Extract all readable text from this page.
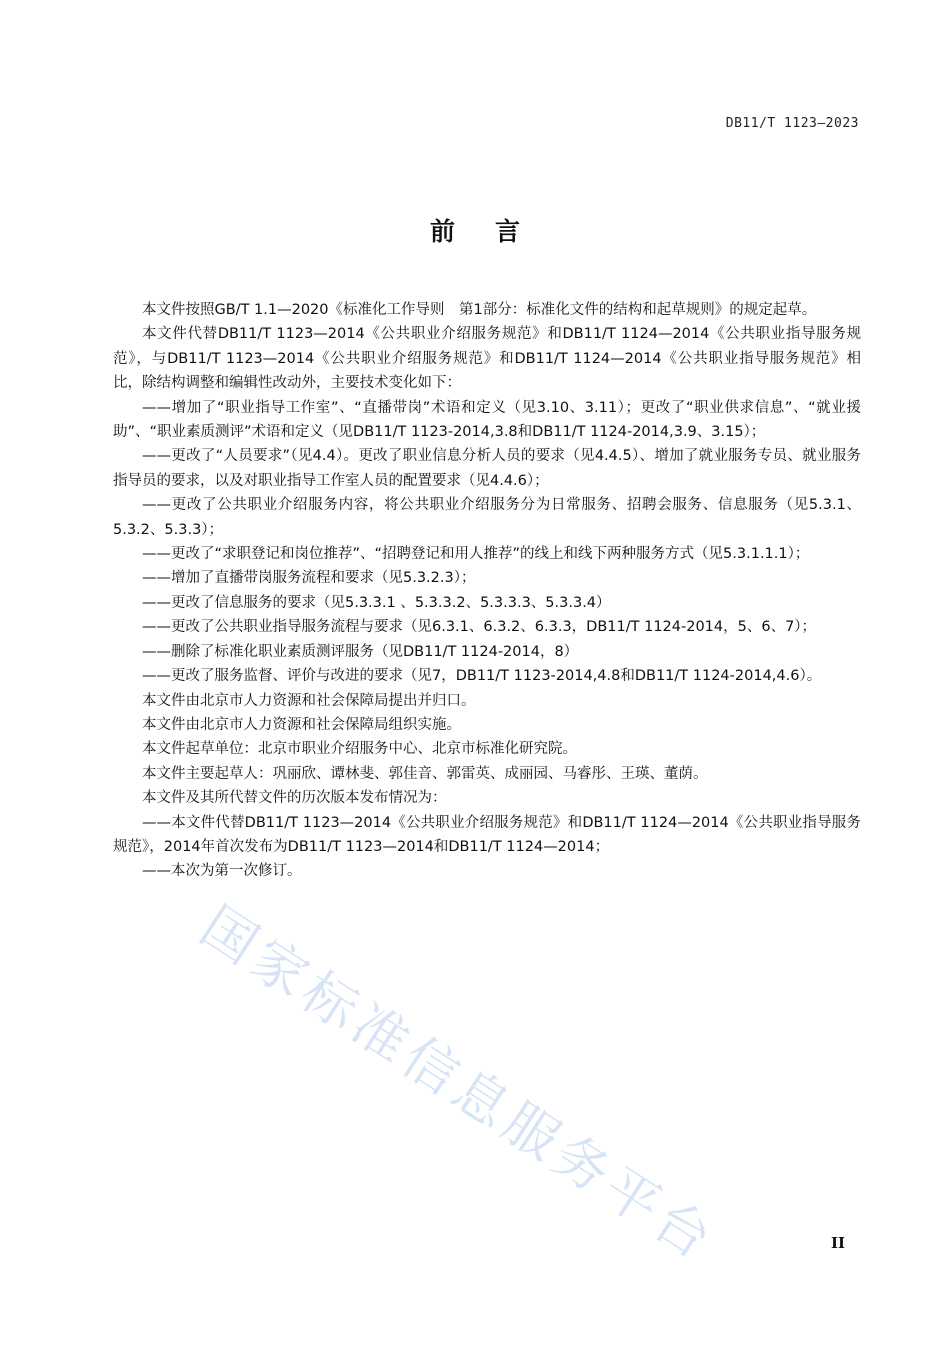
DB11/T 1123—2023
前言

本文件按照GB/T 1.1—2020《标准化工作导则　第1部分：标准化文件的结构和起草规则》的规定起草。

本文件代替DB11/T 1123—2014《公共职业介绍服务规范》和DB11/T 1124—2014《公共职业指导服务规范》，与DB11/T 1123—2014《公共职业介绍服务规范》和DB11/T 1124—2014《公共职业指导服务规范》相比，除结构调整和编辑性改动外，主要技术变化如下：

——增加了“职业指导工作室”、“直播带岗”术语和定义（见3.10、3.11）；更改了“职业供求信息”、“就业援助”、“职业素质测评”术语和定义（见DB11/T 1123-2014,3.8和DB11/T 1124-2014,3.9、3.15）；

——更改了“人员要求”（见4.4）。更改了职业信息分析人员的要求（见4.4.5）、增加了就业服务专员、就业服务指导员的要求，以及对职业指导工作室人员的配置要求（见4.4.6）；

——更改了公共职业介绍服务内容，将公共职业介绍服务分为日常服务、招聘会服务、信息服务（见5.3.1、5.3.2、5.3.3）；

——更改了“求职登记和岗位推荐”、“招聘登记和用人推荐”的线上和线下两种服务方式（见5.3.1.1.1）；

——增加了直播带岗服务流程和要求（见5.3.2.3）；

——更改了信息服务的要求（见5.3.3.1 、5.3.3.2、5.3.3.3、5.3.3.4）

——更改了公共职业指导服务流程与要求（见6.3.1、6.3.2、6.3.3，DB11/T 1124-2014，5、6、7）；

——删除了标准化职业素质测评服务（见DB11/T 1124-2014，8）

——更改了服务监督、评价与改进的要求（见7，DB11/T 1123-2014,4.8和DB11/T 1124-2014,4.6）。

本文件由北京市人力资源和社会保障局提出并归口。

本文件由北京市人力资源和社会保障局组织实施。

本文件起草单位：北京市职业介绍服务中心、北京市标准化研究院。

本文件主要起草人：巩丽欣、谭林斐、郭佳音、郭雷英、成丽园、马睿彤、王瑛、董荫。

本文件及其所代替文件的历次版本发布情况为：

——本文件代替DB11/T 1123—2014《公共职业介绍服务规范》和DB11/T 1124—2014《公共职业指导服务规范》，2014年首次发布为DB11/T 1123—2014和DB11/T 1124—2014；

——本次为第一次修订。

国家标准信息服务平台	II
